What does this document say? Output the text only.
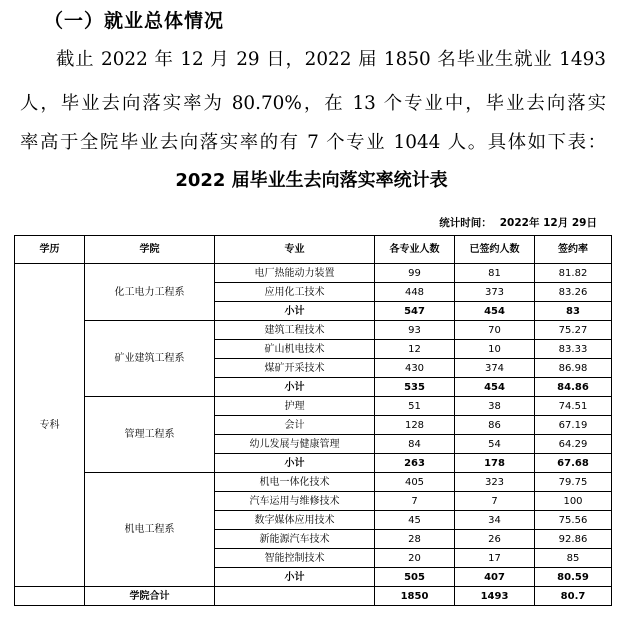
（一）就业总体情况
截止 2022 年 12 月 29 日，2022 届 1850 名毕业生就业 1493
人，毕业去向落实率为 80.70%，在 13 个专业中，毕业去向落实
率高于全院毕业去向落实率的有 7 个专业 1044 人。具体如下表：
2022 届毕业生去向落实率统计表
统计时间： 2022年 12月 29日
学历	学院	专业	各专业人数	已签约人数	签约率
专科	化工电力工程系	电厂热能动力装置	99	81	81.82
		应用化工技术	448	373	83.26
		小计	547	454	83
	矿业建筑工程系	建筑工程技术	93	70	75.27
		矿山机电技术	12	10	83.33
		煤矿开采技术	430	374	86.98
		小计	535	454	84.86
	管理工程系	护理	51	38	74.51
		会计	128	86	67.19
		幼儿发展与健康管理	84	54	64.29
		小计	263	178	67.68
	机电工程系	机电一体化技术	405	323	79.75
		汽车运用与维修技术	7	7	100
		数字媒体应用技术	45	34	75.56
		新能源汽车技术	28	26	92.86
		智能控制技术	20	17	85
		小计	505	407	80.59
	学院合计		1850	1493	80.7
